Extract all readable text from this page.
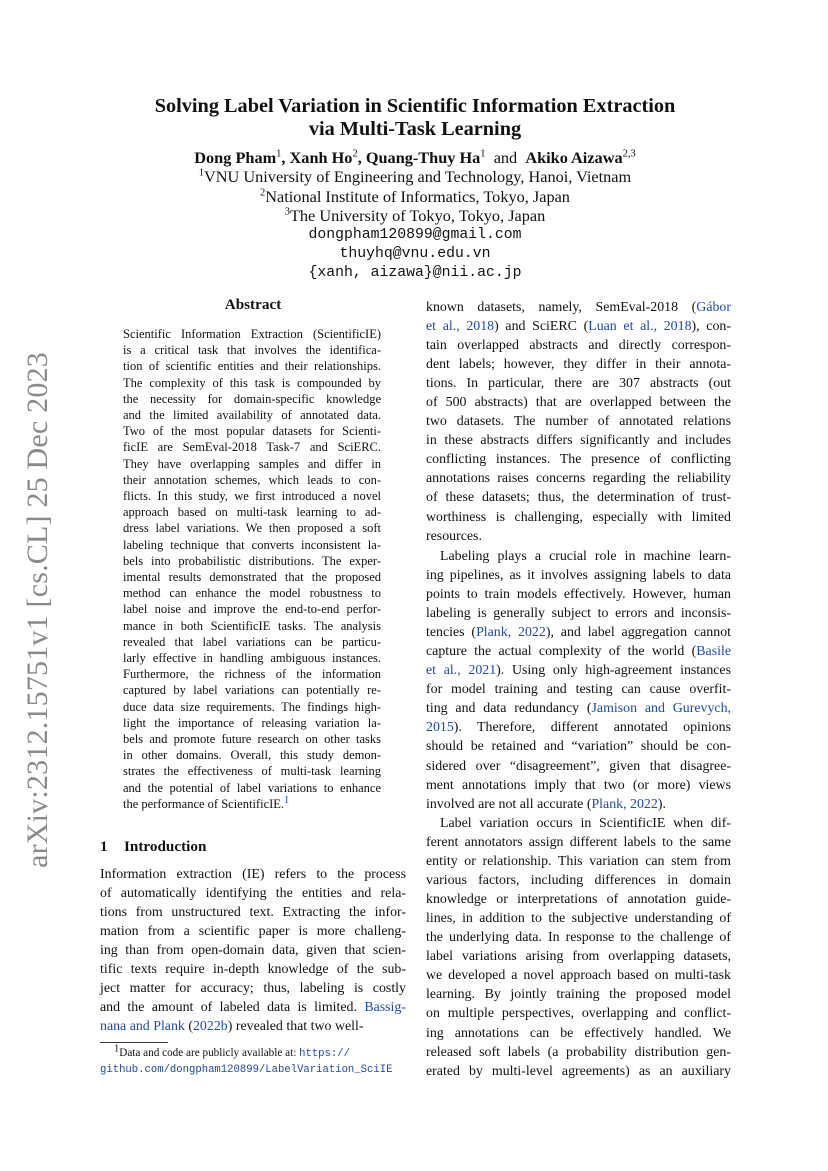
arXiv:2312.15751v1 [cs.CL] 25 Dec 2023
Solving Label Variation in Scientific Information Extraction
via Multi-Task Learning
Dong Pham$^1$, Xanh Ho$^2$, Quang-Thuy Ha$^1$ and Akiko Aizawa$^{2,3}$
$^1$VNU University of Engineering and Technology, Hanoi, Vietnam
$^2$National Institute of Informatics, Tokyo, Japan
$^3$The University of Tokyo, Tokyo, Japan
dongpham120899@gmail.com
thuyhq@vnu.edu.vn
{xanh, aizawa}@nii.ac.jp
Abstract
Scientific Information Extraction (ScientificIE)
is a critical task that involves the identifica-
tion of scientific entities and their relationships.
The complexity of this task is compounded by
the necessity for domain-specific knowledge
and the limited availability of annotated data.
Two of the most popular datasets for Scienti-
ficIE are SemEval-2018 Task-7 and SciERC.
They have overlapping samples and differ in
their annotation schemes, which leads to con-
flicts. In this study, we first introduced a novel
approach based on multi-task learning to ad-
dress label variations. We then proposed a soft
labeling technique that converts inconsistent la-
bels into probabilistic distributions. The exper-
imental results demonstrated that the proposed
method can enhance the model robustness to
label noise and improve the end-to-end perfor-
mance in both ScientificIE tasks. The analysis
revealed that label variations can be particu-
larly effective in handling ambiguous instances.
Furthermore, the richness of the information
captured by label variations can potentially re-
duce data size requirements. The findings high-
light the importance of releasing variation la-
bels and promote future research on other tasks
in other domains. Overall, this study demon-
strates the effectiveness of multi-task learning
and the potential of label variations to enhance
the performance of ScientificIE.$^1$
1 Introduction
Information extraction (IE) refers to the process
of automatically identifying the entities and rela-
tions from unstructured text. Extracting the infor-
mation from a scientific paper is more challeng-
ing than from open-domain data, given that scien-
tific texts require in-depth knowledge of the sub-
ject matter for accuracy; thus, labeling is costly
and the amount of labeled data is limited. Bassig-
nana and Plank (2022b) revealed that two well-
$^1$Data and code are publicly available at: https://
github.com/dongpham120899/LabelVariation_SciIE
known datasets, namely, SemEval-2018 (Gábor
et al., 2018) and SciERC (Luan et al., 2018), con-
tain overlapped abstracts and directly correspon-
dent labels; however, they differ in their annota-
tions. In particular, there are 307 abstracts (out
of 500 abstracts) that are overlapped between the
two datasets. The number of annotated relations
in these abstracts differs significantly and includes
conflicting instances. The presence of conflicting
annotations raises concerns regarding the reliability
of these datasets; thus, the determination of trust-
worthiness is challenging, especially with limited
resources.
Labeling plays a crucial role in machine learn-
ing pipelines, as it involves assigning labels to data
points to train models effectively. However, human
labeling is generally subject to errors and inconsis-
tencies (Plank, 2022), and label aggregation cannot
capture the actual complexity of the world (Basile
et al., 2021). Using only high-agreement instances
for model training and testing can cause overfit-
ting and data redundancy (Jamison and Gurevych,
2015). Therefore, different annotated opinions
should be retained and “variation” should be con-
sidered over “disagreement”, given that disagree-
ment annotations imply that two (or more) views
involved are not all accurate (Plank, 2022).
Label variation occurs in ScientificIE when dif-
ferent annotators assign different labels to the same
entity or relationship. This variation can stem from
various factors, including differences in domain
knowledge or interpretations of annotation guide-
lines, in addition to the subjective understanding of
the underlying data. In response to the challenge of
label variations arising from overlapping datasets,
we developed a novel approach based on multi-task
learning. By jointly training the proposed model
on multiple perspectives, overlapping and conflict-
ing annotations can be effectively handled. We
released soft labels (a probability distribution gen-
erated by multi-level agreements) as an auxiliary
